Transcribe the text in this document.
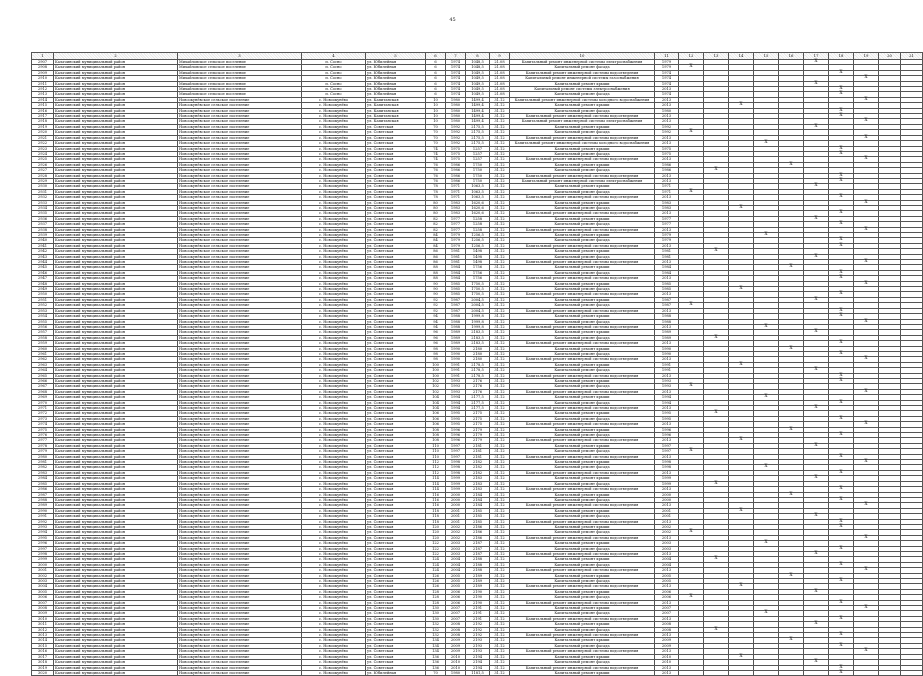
45
1	2	3	4	5	6	7	8	9	10	11	12	13	14	15	16	17	18	19	20	21
2907	Калачинский муниципальный район	Михайловское сельское поселение	п. Сосно	ул. Юбилейная	6	1974	1048,5	21.08	Капитальный ремонт инженерной системы электроснабжения	1979						X				
2908	Калачинский муниципальный район	Михайловское сельское поселение	п. Сосно	ул. Юбилейная	6	1974	1048,5	21.08	Капитальный ремонт фасада	1979	X									
2909	Калачинский муниципальный район	Михайловское сельское поселение	п. Сосно	ул. Юбилейная	6	1974	1049,5	21.08	Капитальный ремонт инженерной системы водоотведения	1974							X			
2910	Калачинский муниципальный район	Михайловское сельское поселение	п. Сосно	ул. Юбилейная	6	1974	1049,5	21.08	Капитальный ремонт инженерной системы газоснабжения	1974								X		
2911	Калачинский муниципальный район	Михайловское сельское поселение	п. Сосно	ул. Юбилейная	6	1974	1049,5	21.08	Капитальный ремонт крыши	1974						X				
2912	Калачинский муниципальный район	Михайловское сельское поселение	п. Сосно	ул. Юбилейная	6	1974	1049,5	21.08	Капитальный ремонт системы электроснабжения	2013							X			
2913	Калачинский муниципальный район	Михайловское сельское поселение	п. Сосно	ул. Юбилейная	6	1974	1049,5	21.08	Капитальный ремонт фасада	1974							X			
2914	Калачинский муниципальный район	Новоокунёвское сельское поселение	с. Новоокунёво	ул. Капитанская	10	1980	1499,4	31.12	Капитальный ремонт инженерной системы холодного водоснабжения	2013								X		
2915	Калачинский муниципальный район	Новоокунёвское сельское поселение	с. Новоокунёво	ул. Капитанская	10	1980	1499,4	31.12	Капитальный ремонт крыши	2013			X							
2916	Калачинский муниципальный район	Новоокунёвское сельское поселение	с. Новоокунёво	ул. Капитанская	10	1980	1499,4	31.12	Капитальный ремонт фасада	1980							X			
2917	Калачинский муниципальный район	Новоокунёвское сельское поселение	с. Новоокунёво	ул. Капитанская	10	1980	1499,4	31.12	Капитальный ремонт инженерной системы водоотведения	2013							X			
2918	Калачинский муниципальный район	Новоокунёвское сельское поселение	с. Новоокунёво	ул. Капитанская	10	1980	1499,4	31.12	Капитальный ремонт инженерной системы электроснабжения	2013								X		
2919	Калачинский муниципальный район	Новоокунёвское сельское поселение	с. Новоокунёво	ул. Советская	70	1992	2175,5	31.12	Капитальный ремонт крыши	1992						X				
2920	Калачинский муниципальный район	Новоокунёвское сельское поселение	с. Новоокунёво	ул. Советская	70	1992	2175,5	31.12	Капитальный ремонт фасада	1992	X									
2921	Калачинский муниципальный район	Новоокунёвское сельское поселение	с. Новоокунёво	ул. Советская	70	1992	2175,5	31.12	Капитальный ремонт инженерной системы водоотведения	2013								X		
2922	Калачинский муниципальный район	Новоокунёвское сельское поселение	с. Новоокунёво	ул. Советская	70	1992	2175,5	31.12	Капитальный ремонт инженерной системы холодного водоснабжения	2013				X						
2923	Калачинский муниципальный район	Новоокунёвское сельское поселение	с. Новоокунёво	ул. Советская	74	1975	1257	31.12	Капитальный ремонт крыши	1975							X			
2924	Калачинский муниципальный район	Новоокунёвское сельское поселение	с. Новоокунёво	ул. Советская	74	1975	1257	31.12	Капитальный ремонт фасада	1975							X			
2925	Калачинский муниципальный район	Новоокунёвское сельское поселение	с. Новоокунёво	ул. Советская	74	1975	1257	31.12	Капитальный ремонт инженерной системы водоотведения	2013								X		
2926	Калачинский муниципальный район	Новоокунёвское сельское поселение	с. Новоокунёво	ул. Советская	76	1986	1750	31.12	Капитальный ремонт крыши	1986					X					
2927	Калачинский муниципальный район	Новоокунёвское сельское поселение	с. Новоокунёво	ул. Советская	76	1986	1750	31.12	Капитальный ремонт фасада	1986		X								
2928	Калачинский муниципальный район	Новоокунёвское сельское поселение	с. Новоокунёво	ул. Советская	76	1986	1750	31.12	Капитальный ремонт инженерной системы водоотведения	2013							X			
2929	Калачинский муниципальный район	Новоокунёвское сельское поселение	с. Новоокунёво	ул. Советская	76	1986	1750	31.12	Капитальный ремонт инженерной системы электроснабжения	2013							X			
2930	Калачинский муниципальный район	Новоокунёвское сельское поселение	с. Новоокунёво	ул. Советская	78	1971	1063,5	31.12	Капитальный ремонт крыши	1971						X				
2931	Калачинский муниципальный район	Новоокунёвское сельское поселение	с. Новоокунёво	ул. Советская	78	1971	1063,5	31.12	Капитальный ремонт фасада	1971	X									
2932	Калачинский муниципальный район	Новоокунёвское сельское поселение	с. Новоокунёво	ул. Советская	78	1971	1063,5	31.12	Капитальный ремонт инженерной системы водоотведения	2013							X			
2933	Калачинский муниципальный район	Новоокунёвское сельское поселение	с. Новоокунёво	ул. Советская	80	1983	1620,6	31.12	Капитальный ремонт крыши	1983								X		
2934	Калачинский муниципальный район	Новоокунёвское сельское поселение	с. Новоокунёво	ул. Советская	80	1983	1620,6	31.12	Капитальный ремонт фасада	1983			X							
2935	Калачинский муниципальный район	Новоокунёвское сельское поселение	с. Новоокунёво	ул. Советская	80	1983	1620,6	31.12	Капитальный ремонт инженерной системы водоотведения	2013							X			
2936	Калачинский муниципальный район	Новоокунёвское сельское поселение	с. Новоокунёво	ул. Советская	82	1977	1258	31.12	Капитальный ремонт крыши	1977						X				
2937	Калачинский муниципальный район	Новоокунёвское сельское поселение	с. Новоокунёво	ул. Советская	82	1977	1258	31.12	Капитальный ремонт фасада	1977							X			
2938	Калачинский муниципальный район	Новоокунёвское сельское поселение	с. Новоокунёво	ул. Советская	82	1977	1258	31.12	Капитальный ремонт инженерной системы водоотведения	2013								X		
2939	Калачинский муниципальный район	Новоокунёвское сельское поселение	с. Новоокунёво	ул. Советская	84	1979	1256,5	31.12	Капитальный ремонт крыши	1979				X						
2940	Калачинский муниципальный район	Новоокунёвское сельское поселение	с. Новоокунёво	ул. Советская	84	1979	1256,5	31.12	Капитальный ремонт фасада	1979							X			
2941	Калачинский муниципальный район	Новоокунёвское сельское поселение	с. Новоокунёво	ул. Советская	84	1979	1256,5	31.12	Капитальный ремонт инженерной системы водоотведения	2013							X			
2942	Калачинский муниципальный район	Новоокунёвское сельское поселение	с. Новоокунёво	ул. Советская	86	1981	1498	31.12	Капитальный ремонт крыши	1981		X								
2943	Калачинский муниципальный район	Новоокунёвское сельское поселение	с. Новоокунёво	ул. Советская	86	1981	1498	31.12	Капитальный ремонт фасада	1981						X				
2944	Калачинский муниципальный район	Новоокунёвское сельское поселение	с. Новоокунёво	ул. Советская	86	1981	1498	31.12	Капитальный ремонт инженерной системы водоотведения	2013								X		
2945	Калачинский муниципальный район	Новоокунёвское сельское поселение	с. Новоокунёво	ул. Советская	88	1984	1756	31.12	Капитальный ремонт крыши	1984					X					
2946	Калачинский муниципальный район	Новоокунёвское сельское поселение	с. Новоокунёво	ул. Советская	88	1984	1756	31.12	Капитальный ремонт фасада	1984							X			
2947	Калачинский муниципальный район	Новоокунёвское сельское поселение	с. Новоокунёво	ул. Советская	88	1984	1756	31.12	Капитальный ремонт инженерной системы водоотведения	2013							X			
2948	Калачинский муниципальный район	Новоокунёвское сельское поселение	с. Новоокунёво	ул. Советская	90	1985	1750,5	31.12	Капитальный ремонт крыши	1985								X		
2949	Калачинский муниципальный район	Новоокунёвское сельское поселение	с. Новоокунёво	ул. Советская	90	1985	1750,5	31.12	Капитальный ремонт фасада	1985			X							
2950	Калачинский муниципальный район	Новоокунёвское сельское поселение	с. Новоокунёво	ул. Советская	90	1985	1750,5	31.12	Капитальный ремонт инженерной системы водоотведения	2013							X			
2951	Калачинский муниципальный район	Новоокунёвское сельское поселение	с. Новоокунёво	ул. Советская	92	1987	2004,5	31.12	Капитальный ремонт крыши	1987						X				
2952	Калачинский муниципальный район	Новоокунёвское сельское поселение	с. Новоокунёво	ул. Советская	92	1987	2004,5	31.12	Капитальный ремонт фасада	1987	X									
2953	Калачинский муниципальный район	Новоокунёвское сельское поселение	с. Новоокунёво	ул. Советская	92	1987	2004,5	31.12	Капитальный ремонт инженерной системы водоотведения	2013							X			
2954	Калачинский муниципальный район	Новоокунёвское сельское поселение	с. Новоокунёво	ул. Советская	94	1988	1999,8	31.12	Капитальный ремонт крыши	1988							X			
2955	Калачинский муниципальный район	Новоокунёвское сельское поселение	с. Новоокунёво	ул. Советская	94	1988	1999,8	31.12	Капитальный ремонт фасада	1988								X		
2956	Калачинский муниципальный район	Новоокунёвское сельское поселение	с. Новоокунёво	ул. Советская	94	1988	1999,8	31.12	Капитальный ремонт инженерной системы водоотведения	2013				X						
2957	Калачинский муниципальный район	Новоокунёвское сельское поселение	с. Новоокунёво	ул. Советская	96	1989	2183,5	31.12	Капитальный ремонт крыши	1989						X				
2958	Калачинский муниципальный район	Новоокунёвское сельское поселение	с. Новоокунёво	ул. Советская	96	1989	2183,5	31.12	Капитальный ремонт фасада	1989		X								
2959	Калачинский муниципальный район	Новоокунёвское сельское поселение	с. Новоокунёво	ул. Советская	96	1989	2183,5	31.12	Капитальный ремонт инженерной системы водоотведения	2013							X			
2960	Калачинский муниципальный район	Новоокунёвское сельское поселение	с. Новоокунёво	ул. Советская	98	1990	2180	31.12	Капитальный ремонт крыши	1990					X					
2961	Калачинский муниципальный район	Новоокунёвское сельское поселение	с. Новоокунёво	ул. Советская	98	1990	2180	31.12	Капитальный ремонт фасада	1990							X			
2962	Калачинский муниципальный район	Новоокунёвское сельское поселение	с. Новоокунёво	ул. Советская	98	1990	2180	31.12	Капитальный ремонт инженерной системы водоотведения	2013								X		
2963	Калачинский муниципальный район	Новоокунёвское сельское поселение	с. Новоокунёво	ул. Советская	100	1991	2178,5	31.12	Капитальный ремонт крыши	1991			X							
2964	Калачинский муниципальный район	Новоокунёвское сельское поселение	с. Новоокунёво	ул. Советская	100	1991	2178,5	31.12	Капитальный ремонт фасада	1991						X				
2965	Калачинский муниципальный район	Новоокунёвское сельское поселение	с. Новоокунёво	ул. Советская	100	1991	2178,5	31.12	Капитальный ремонт инженерной системы водоотведения	2013							X			
2966	Калачинский муниципальный район	Новоокунёвское сельское поселение	с. Новоокунёво	ул. Советская	102	1993	2176	31.12	Капитальный ремонт крыши	1993							X			
2967	Калачинский муниципальный район	Новоокунёвское сельское поселение	с. Новоокунёво	ул. Советская	102	1993	2176	31.12	Капитальный ремонт фасада	1993	X									
2968	Калачинский муниципальный район	Новоокунёвское сельское поселение	с. Новоокунёво	ул. Советская	102	1993	2176	31.12	Капитальный ремонт инженерной системы водоотведения	2013								X		
2969	Калачинский муниципальный район	Новоокунёвское сельское поселение	с. Новоокунёво	ул. Советская	104	1994	2177,5	31.12	Капитальный ремонт крыши	1994				X						
2970	Калачинский муниципальный район	Новоокунёвское сельское поселение	с. Новоокунёво	ул. Советская	104	1994	2177,5	31.12	Капитальный ремонт фасада	1994							X			
2971	Калачинский муниципальный район	Новоокунёвское сельское поселение	с. Новоокунёво	ул. Советская	104	1994	2177,5	31.12	Капитальный ремонт инженерной системы водоотведения	2013						X				
2972	Калачинский муниципальный район	Новоокунёвское сельское поселение	с. Новоокунёво	ул. Советская	106	1995	2175	31.12	Капитальный ремонт крыши	1995		X								
2973	Калачинский муниципальный район	Новоокунёвское сельское поселение	с. Новоокунёво	ул. Советская	106	1995	2175	31.12	Капитальный ремонт фасада	1995							X			
2974	Калачинский муниципальный район	Новоокунёвское сельское поселение	с. Новоокунёво	ул. Советская	106	1995	2175	31.12	Капитальный ремонт инженерной системы водоотведения	2013								X		
2975	Калачинский муниципальный район	Новоокунёвское сельское поселение	с. Новоокунёво	ул. Советская	108	1996	2179	31.12	Капитальный ремонт крыши	1996					X					
2976	Калачинский муниципальный район	Новоокунёвское сельское поселение	с. Новоокунёво	ул. Советская	108	1996	2179	31.12	Капитальный ремонт фасада	1996							X			
2977	Калачинский муниципальный район	Новоокунёвское сельское поселение	с. Новоокунёво	ул. Советская	108	1996	2179	31.12	Капитальный ремонт инженерной системы водоотведения	2013			X							
2978	Калачинский муниципальный район	Новоокунёвское сельское поселение	с. Новоокунёво	ул. Советская	110	1997	2181	31.12	Капитальный ремонт крыши	1997						X				
2979	Калачинский муниципальный район	Новоокунёвское сельское поселение	с. Новоокунёво	ул. Советская	110	1997	2181	31.12	Капитальный ремонт фасада	1997	X									
2980	Калачинский муниципальный район	Новоокунёвское сельское поселение	с. Новоокунёво	ул. Советская	110	1997	2181	31.12	Капитальный ремонт инженерной системы водоотведения	2013							X			
2981	Калачинский муниципальный район	Новоокунёвское сельское поселение	с. Новоокунёво	ул. Советская	112	1998	2182	31.12	Капитальный ремонт крыши	1998								X		
2982	Калачинский муниципальный район	Новоокунёвское сельское поселение	с. Новоокунёво	ул. Советская	112	1998	2182	31.12	Капитальный ремонт фасада	1998				X						
2983	Калачинский муниципальный район	Новоокунёвское сельское поселение	с. Новоокунёво	ул. Советская	112	1998	2182	31.12	Капитальный ремонт инженерной системы водоотведения	2013							X			
2984	Калачинский муниципальный район	Новоокунёвское сельское поселение	с. Новоокунёво	ул. Советская	114	1999	2183	31.12	Капитальный ремонт крыши	1999						X				
2985	Калачинский муниципальный район	Новоокунёвское сельское поселение	с. Новоокунёво	ул. Советская	114	1999	2183	31.12	Капитальный ремонт фасада	1999		X								
2986	Калачинский муниципальный район	Новоокунёвское сельское поселение	с. Новоокунёво	ул. Советская	114	1999	2183	31.12	Капитальный ремонт инженерной системы водоотведения	2013							X			
2987	Калачинский муниципальный район	Новоокунёвское сельское поселение	с. Новоокунёво	ул. Советская	116	2000	2184	31.12	Капитальный ремонт крыши	2000					X					
2988	Калачинский муниципальный район	Новоокунёвское сельское поселение	с. Новоокунёво	ул. Советская	116	2000	2184	31.12	Капитальный ремонт фасада	2000							X			
2989	Калачинский муниципальный район	Новоокунёвское сельское поселение	с. Новоокунёво	ул. Советская	116	2000	2184	31.12	Капитальный ремонт инженерной системы водоотведения	2013								X		
2990	Калачинский муниципальный район	Новоокунёвское сельское поселение	с. Новоокунёво	ул. Советская	118	2001	2185	31.12	Капитальный ремонт крыши	2001			X							
2991	Калачинский муниципальный район	Новоокунёвское сельское поселение	с. Новоокунёво	ул. Советская	118	2001	2185	31.12	Капитальный ремонт фасада	2001						X				
2992	Калачинский муниципальный район	Новоокунёвское сельское поселение	с. Новоокунёво	ул. Советская	118	2001	2185	31.12	Капитальный ремонт инженерной системы водоотведения	2013							X			
2993	Калачинский муниципальный район	Новоокунёвское сельское поселение	с. Новоокунёво	ул. Советская	120	2002	2186	31.12	Капитальный ремонт крыши	2002							X			
2994	Калачинский муниципальный район	Новоокунёвское сельское поселение	с. Новоокунёво	ул. Советская	120	2002	2186	31.12	Капитальный ремонт фасада	2002	X									
2995	Калачинский муниципальный район	Новоокунёвское сельское поселение	с. Новоокунёво	ул. Советская	120	2002	2186	31.12	Капитальный ремонт инженерной системы водоотведения	2013								X		
2996	Калачинский муниципальный район	Новоокунёвское сельское поселение	с. Новоокунёво	ул. Советская	122	2003	2187	31.12	Капитальный ремонт крыши	2003				X						
2997	Калачинский муниципальный район	Новоокунёвское сельское поселение	с. Новоокунёво	ул. Советская	122	2003	2187	31.12	Капитальный ремонт фасада	2003							X			
2998	Калачинский муниципальный район	Новоокунёвское сельское поселение	с. Новоокунёво	ул. Советская	122	2003	2187	31.12	Капитальный ремонт инженерной системы водоотведения	2013						X				
2999	Калачинский муниципальный район	Новоокунёвское сельское поселение	с. Новоокунёво	ул. Советская	124	2004	2188	31.12	Капитальный ремонт крыши	2004		X								
3000	Калачинский муниципальный район	Новоокунёвское сельское поселение	с. Новоокунёво	ул. Советская	124	2004	2188	31.12	Капитальный ремонт фасада	2004							X			
3001	Калачинский муниципальный район	Новоокунёвское сельское поселение	с. Новоокунёво	ул. Советская	124	2004	2188	31.12	Капитальный ремонт инженерной системы водоотведения	2013								X		
3002	Калачинский муниципальный район	Новоокунёвское сельское поселение	с. Новоокунёво	ул. Советская	126	2005	2189	31.12	Капитальный ремонт крыши	2005					X					
3003	Калачинский муниципальный район	Новоокунёвское сельское поселение	с. Новоокунёво	ул. Советская	126	2005	2189	31.12	Капитальный ремонт фасада	2005							X			
3004	Калачинский муниципальный район	Новоокунёвское сельское поселение	с. Новоокунёво	ул. Советская	126	2005	2189	31.12	Капитальный ремонт инженерной системы водоотведения	2013			X							
3005	Калачинский муниципальный район	Новоокунёвское сельское поселение	с. Новоокунёво	ул. Советская	128	2006	2190	31.12	Капитальный ремонт крыши	2006						X				
3006	Калачинский муниципальный район	Новоокунёвское сельское поселение	с. Новоокунёво	ул. Советская	128	2006	2190	31.12	Капитальный ремонт фасада	2006	X									
3007	Калачинский муниципальный район	Новоокунёвское сельское поселение	с. Новоокунёво	ул. Советская	128	2006	2190	31.12	Капитальный ремонт инженерной системы водоотведения	2013							X			
3008	Калачинский муниципальный район	Новоокунёвское сельское поселение	с. Новоокунёво	ул. Советская	130	2007	2191	31.12	Капитальный ремонт крыши	2007								X		
3009	Калачинский муниципальный район	Новоокунёвское сельское поселение	с. Новоокунёво	ул. Советская	130	2007	2191	31.12	Капитальный ремонт фасада	2007				X						
3010	Калачинский муниципальный район	Новоокунёвское сельское поселение	с. Новоокунёво	ул. Советская	130	2007	2191	31.12	Капитальный ремонт инженерной системы водоотведения	2013							X			
3011	Калачинский муниципальный район	Новоокунёвское сельское поселение	с. Новоокунёво	ул. Советская	132	2008	2192	31.12	Капитальный ремонт крыши	2008						X				
3012	Калачинский муниципальный район	Новоокунёвское сельское поселение	с. Новоокунёво	ул. Советская	132	2008	2192	31.12	Капитальный ремонт фасада	2008		X								
3013	Калачинский муниципальный район	Новоокунёвское сельское поселение	с. Новоокунёво	ул. Советская	132	2008	2192	31.12	Капитальный ремонт инженерной системы водоотведения	2013							X			
3014	Калачинский муниципальный район	Новоокунёвское сельское поселение	с. Новоокунёво	ул. Советская	134	2009	2193	31.12	Капитальный ремонт крыши	2009					X					
3015	Калачинский муниципальный район	Новоокунёвское сельское поселение	с. Новоокунёво	ул. Советская	134	2009	2193	31.12	Капитальный ремонт фасада	2009							X			
3016	Калачинский муниципальный район	Новоокунёвское сельское поселение	с. Новоокунёво	ул. Советская	134	2009	2193	31.12	Капитальный ремонт инженерной системы водоотведения	2013								X		
3017	Калачинский муниципальный район	Новоокунёвское сельское поселение	с. Новоокунёво	ул. Советская	136	2010	2194	31.12	Капитальный ремонт крыши	2010			X							
3018	Калачинский муниципальный район	Новоокунёвское сельское поселение	с. Новоокунёво	ул. Советская	136	2010	2194	31.12	Капитальный ремонт фасада	2010						X				
3019	Калачинский муниципальный район	Новоокунёвское сельское поселение	с. Новоокунёво	ул. Советская	136	2010	2194	31.12	Капитальный ремонт инженерной системы водоотведения	2013							X			
3020	Калачинский муниципальный район	Новоокунёвское сельское поселение	с. Новоокунёво	ул. Юбилейная	70	1980	1181,5	31.12	Капитальный ремонт крыши	2013							X			
